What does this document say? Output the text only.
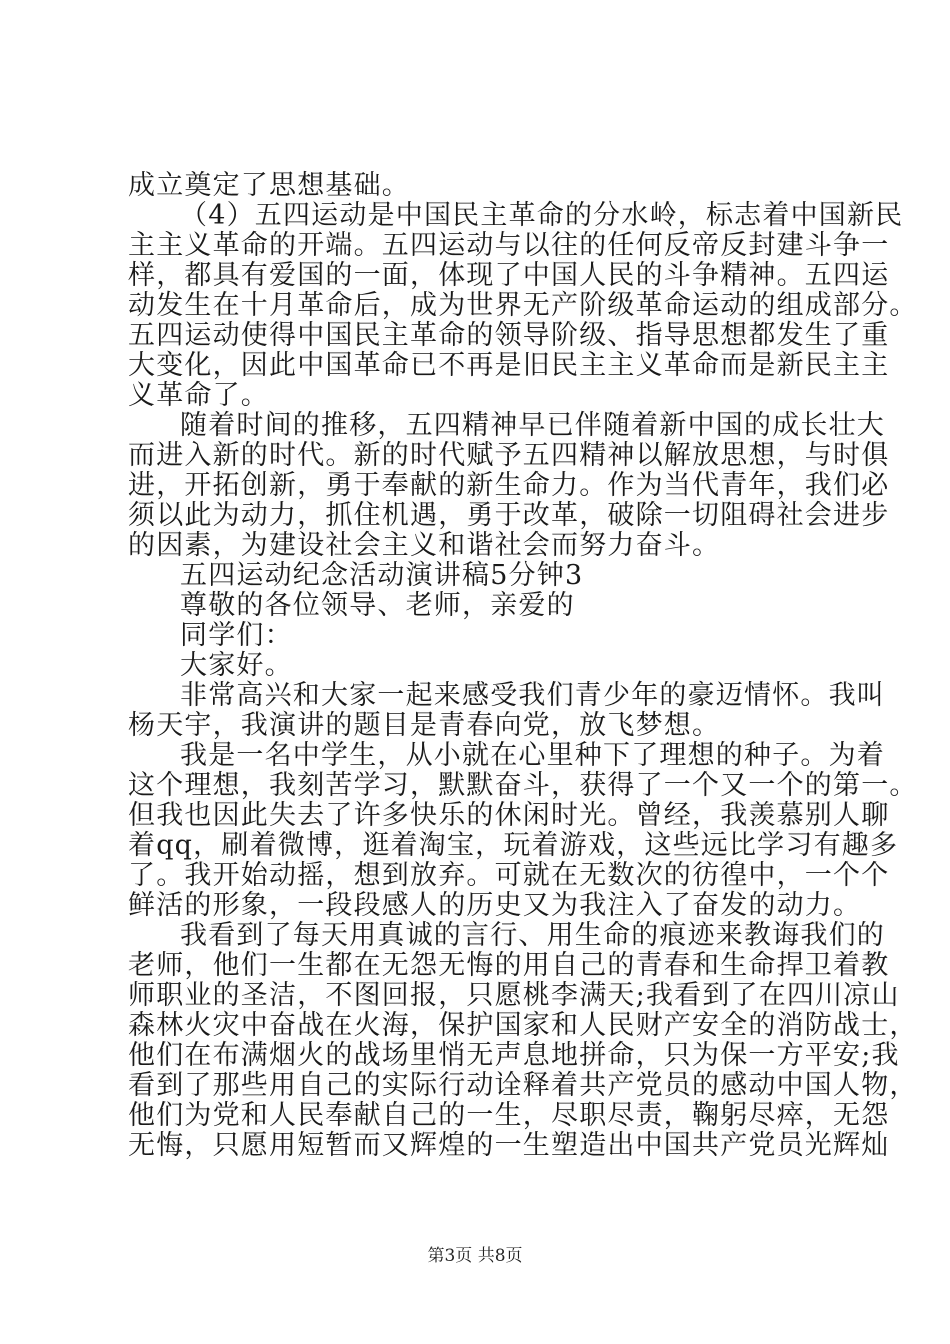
成立奠定了思想基础。
（4）五四运动是中国民主革命的分水岭，标志着中国新民
主主义革命的开端。五四运动与以往的任何反帝反封建斗争一
样，都具有爱国的一面，体现了中国人民的斗争精神。五四运
动发生在十月革命后，成为世界无产阶级革命运动的组成部分。
五四运动使得中国民主革命的领导阶级、指导思想都发生了重
大变化，因此中国革命已不再是旧民主主义革命而是新民主主
义革命了。
随着时间的推移，五四精神早已伴随着新中国的成长壮大
而进入新的时代。新的时代赋予五四精神以解放思想，与时俱
进，开拓创新，勇于奉献的新生命力。作为当代青年，我们必
须以此为动力，抓住机遇，勇于改革，破除一切阻碍社会进步
的因素，为建设社会主义和谐社会而努力奋斗。
五四运动纪念活动演讲稿5分钟3
尊敬的各位领导、老师，亲爱的
同学们：
大家好。
非常高兴和大家一起来感受我们青少年的豪迈情怀。我叫
杨天宇，我演讲的题目是青春向党，放飞梦想。
我是一名中学生，从小就在心里种下了理想的种子。为着
这个理想，我刻苦学习，默默奋斗，获得了一个又一个的第一。
但我也因此失去了许多快乐的休闲时光。曾经，我羡慕别人聊
着qq，刷着微博，逛着淘宝，玩着游戏，这些远比学习有趣多
了。我开始动摇，想到放弃。可就在无数次的彷徨中，一个个
鲜活的形象，一段段感人的历史又为我注入了奋发的动力。
我看到了每天用真诚的言行、用生命的痕迹来教诲我们的
老师，他们一生都在无怨无悔的用自己的青春和生命捍卫着教
师职业的圣洁，不图回报，只愿桃李满天;我看到了在四川凉山
森林火灾中奋战在火海，保护国家和人民财产安全的消防战士，
他们在布满烟火的战场里悄无声息地拼命，只为保一方平安;我
看到了那些用自己的实际行动诠释着共产党员的感动中国人物，
他们为党和人民奉献自己的一生，尽职尽责，鞠躬尽瘁，无怨
无悔，只愿用短暂而又辉煌的一生塑造出中国共产党员光辉灿
第3页 共8页
